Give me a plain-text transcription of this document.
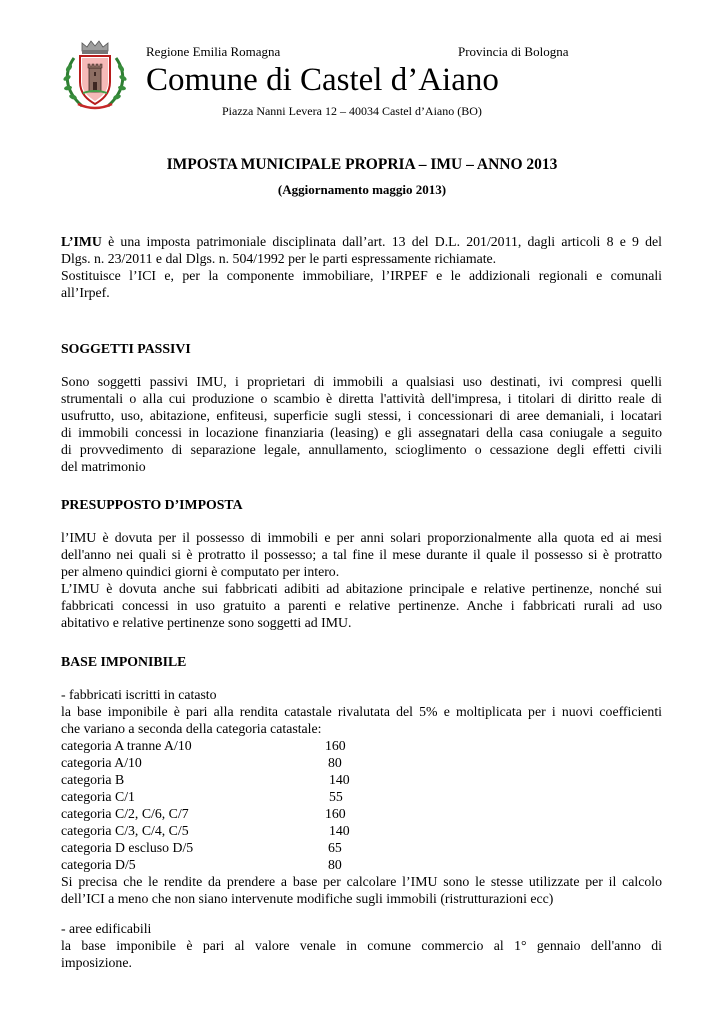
Regione Emilia Romagna	Provincia di Bologna
Comune di Castel d’Aiano
Piazza Nanni Levera 12 – 40034 Castel d’Aiano (BO)
IMPOSTA MUNICIPALE PROPRIA – IMU – ANNO 2013
(Aggiornamento maggio 2013)
L’IMU è una imposta patrimoniale disciplinata dall’art. 13 del D.L. 201/2011, dagli articoli 8 e 9 del
Dlgs. n. 23/2011 e dal Dlgs. n. 504/1992 per le parti espressamente richiamate.
Sostituisce l’ICI e, per la componente immobiliare, l’IRPEF e le addizionali regionali e comunali
all’Irpef.
SOGGETTI PASSIVI
Sono soggetti passivi IMU, i proprietari di immobili a qualsiasi uso destinati, ivi compresi quelli
strumentali o alla cui produzione o scambio è diretta l'attività dell'impresa, i titolari di diritto reale di
usufrutto, uso, abitazione, enfiteusi, superficie sugli stessi, i concessionari di aree demaniali, i locatari
di immobili concessi in locazione finanziaria (leasing) e gli assegnatari della casa coniugale a seguito
di provvedimento di separazione legale, annullamento, scioglimento o cessazione degli effetti civili
del matrimonio
PRESUPPOSTO D’IMPOSTA
l’IMU è dovuta per il possesso di immobili e per anni solari proporzionalmente alla quota ed ai mesi
dell'anno nei quali si è protratto il possesso; a tal fine il mese durante il quale il possesso si è protratto
per almeno quindici giorni è computato per intero.
L’IMU è dovuta anche sui fabbricati adibiti ad abitazione principale e relative pertinenze, nonché sui
fabbricati concessi in uso gratuito a parenti e relative pertinenze. Anche i fabbricati rurali ad uso
abitativo e relative pertinenze sono soggetti ad IMU.
BASE IMPONIBILE
- fabbricati iscritti in catasto
la base imponibile è pari alla rendita catastale rivalutata del 5% e moltiplicata per i nuovi coefficienti
che variano a seconda della categoria catastale:
categoria A tranne A/10	160
categoria A/10	80
categoria B	140
categoria C/1	55
categoria C/2, C/6, C/7	160
categoria C/3, C/4, C/5	140
categoria D escluso D/5	65
categoria D/5	80
Si precisa che le rendite da prendere a base per calcolare l’IMU sono le stesse utilizzate per il calcolo
dell’ICI a meno che non siano intervenute modifiche sugli immobili (ristrutturazioni ecc)
- aree edificabili
la base imponibile è pari al valore venale in comune commercio al 1° gennaio dell'anno di
imposizione.
